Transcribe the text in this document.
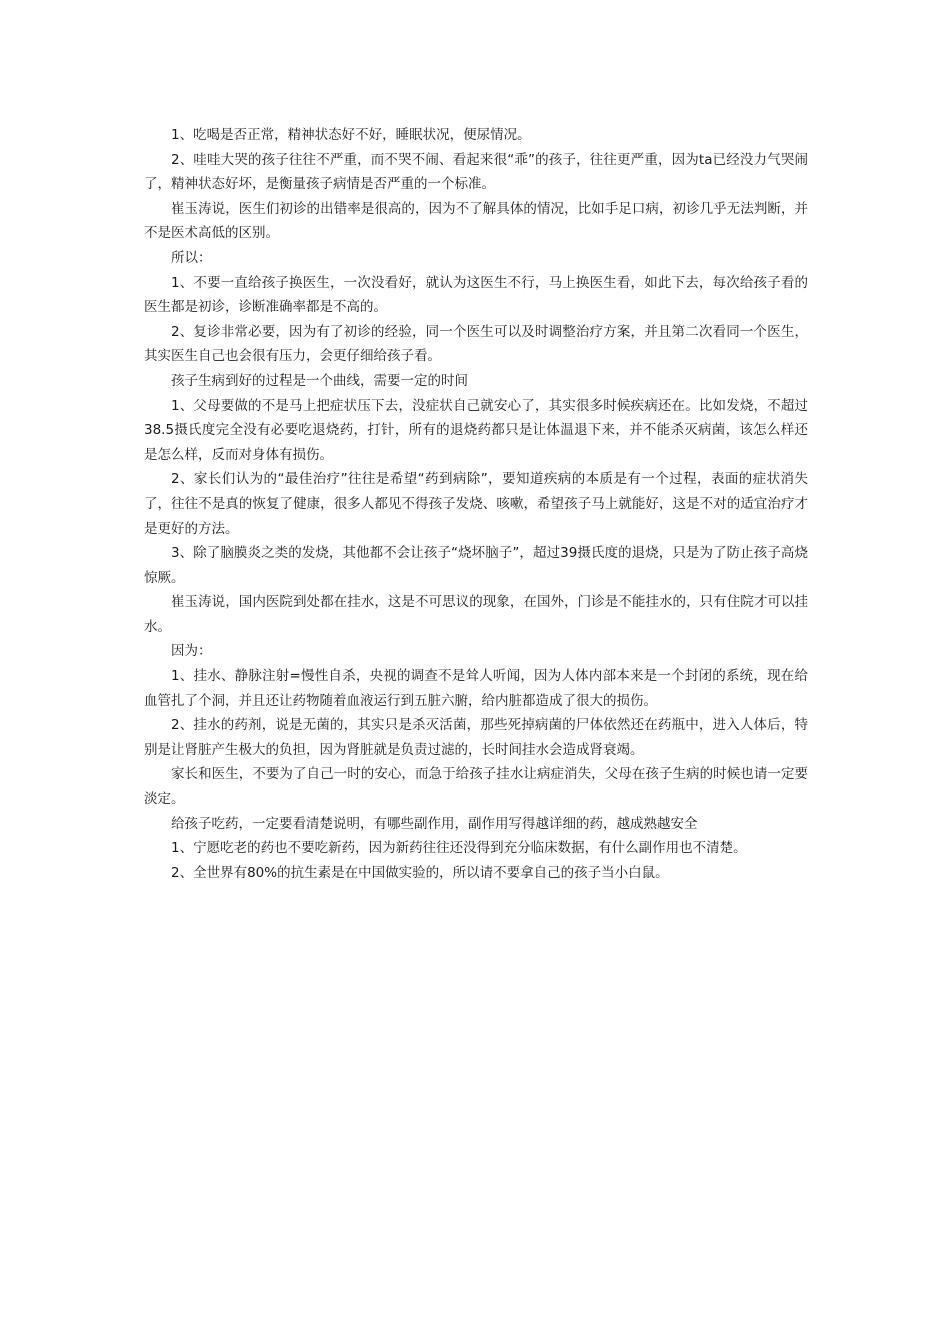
1、吃喝是否正常，精神状态好不好，睡眠状况，便尿情况。

2、哇哇大哭的孩子往往不严重，而不哭不闹、看起来很“乖”的孩子，往往更严重，因为ta已经没力气哭闹了，精神状态好坏，是衡量孩子病情是否严重的一个标准。

崔玉涛说，医生们初诊的出错率是很高的，因为不了解具体的情况，比如手足口病，初诊几乎无法判断，并不是医术高低的区别。

所以：

1、不要一直给孩子换医生，一次没看好，就认为这医生不行，马上换医生看，如此下去，每次给孩子看的医生都是初诊，诊断准确率都是不高的。

2、复诊非常必要，因为有了初诊的经验，同一个医生可以及时调整治疗方案，并且第二次看同一个医生，其实医生自己也会很有压力，会更仔细给孩子看。

孩子生病到好的过程是一个曲线，需要一定的时间

1、父母要做的不是马上把症状压下去，没症状自己就安心了，其实很多时候疾病还在。比如发烧，不超过38.5摄氏度完全没有必要吃退烧药，打针，所有的退烧药都只是让体温退下来，并不能杀灭病菌，该怎么样还是怎么样，反而对身体有损伤。

2、家长们认为的“最佳治疗”往往是希望“药到病除”，要知道疾病的本质是有一个过程，表面的症状消失了，往往不是真的恢复了健康，很多人都见不得孩子发烧、咳嗽，希望孩子马上就能好，这是不对的适宜治疗才是更好的方法。

3、除了脑膜炎之类的发烧，其他都不会让孩子“烧坏脑子”，超过39摄氏度的退烧，只是为了防止孩子高烧惊厥。

崔玉涛说，国内医院到处都在挂水，这是不可思议的现象，在国外，门诊是不能挂水的，只有住院才可以挂水。

因为：

1、挂水、静脉注射=慢性自杀，央视的调查不是耸人听闻，因为人体内部本来是一个封闭的系统，现在给血管扎了个洞，并且还让药物随着血液运行到五脏六腑，给内脏都造成了很大的损伤。

2、挂水的药剂，说是无菌的，其实只是杀灭活菌，那些死掉病菌的尸体依然还在药瓶中，进入人体后，特别是让肾脏产生极大的负担，因为肾脏就是负责过滤的，长时间挂水会造成肾衰竭。

家长和医生，不要为了自己一时的安心，而急于给孩子挂水让病症消失，父母在孩子生病的时候也请一定要淡定。

给孩子吃药，一定要看清楚说明，有哪些副作用，副作用写得越详细的药，越成熟越安全

1、宁愿吃老的药也不要吃新药，因为新药往往还没得到充分临床数据，有什么副作用也不清楚。

2、全世界有80%的抗生素是在中国做实验的，所以请不要拿自己的孩子当小白鼠。
